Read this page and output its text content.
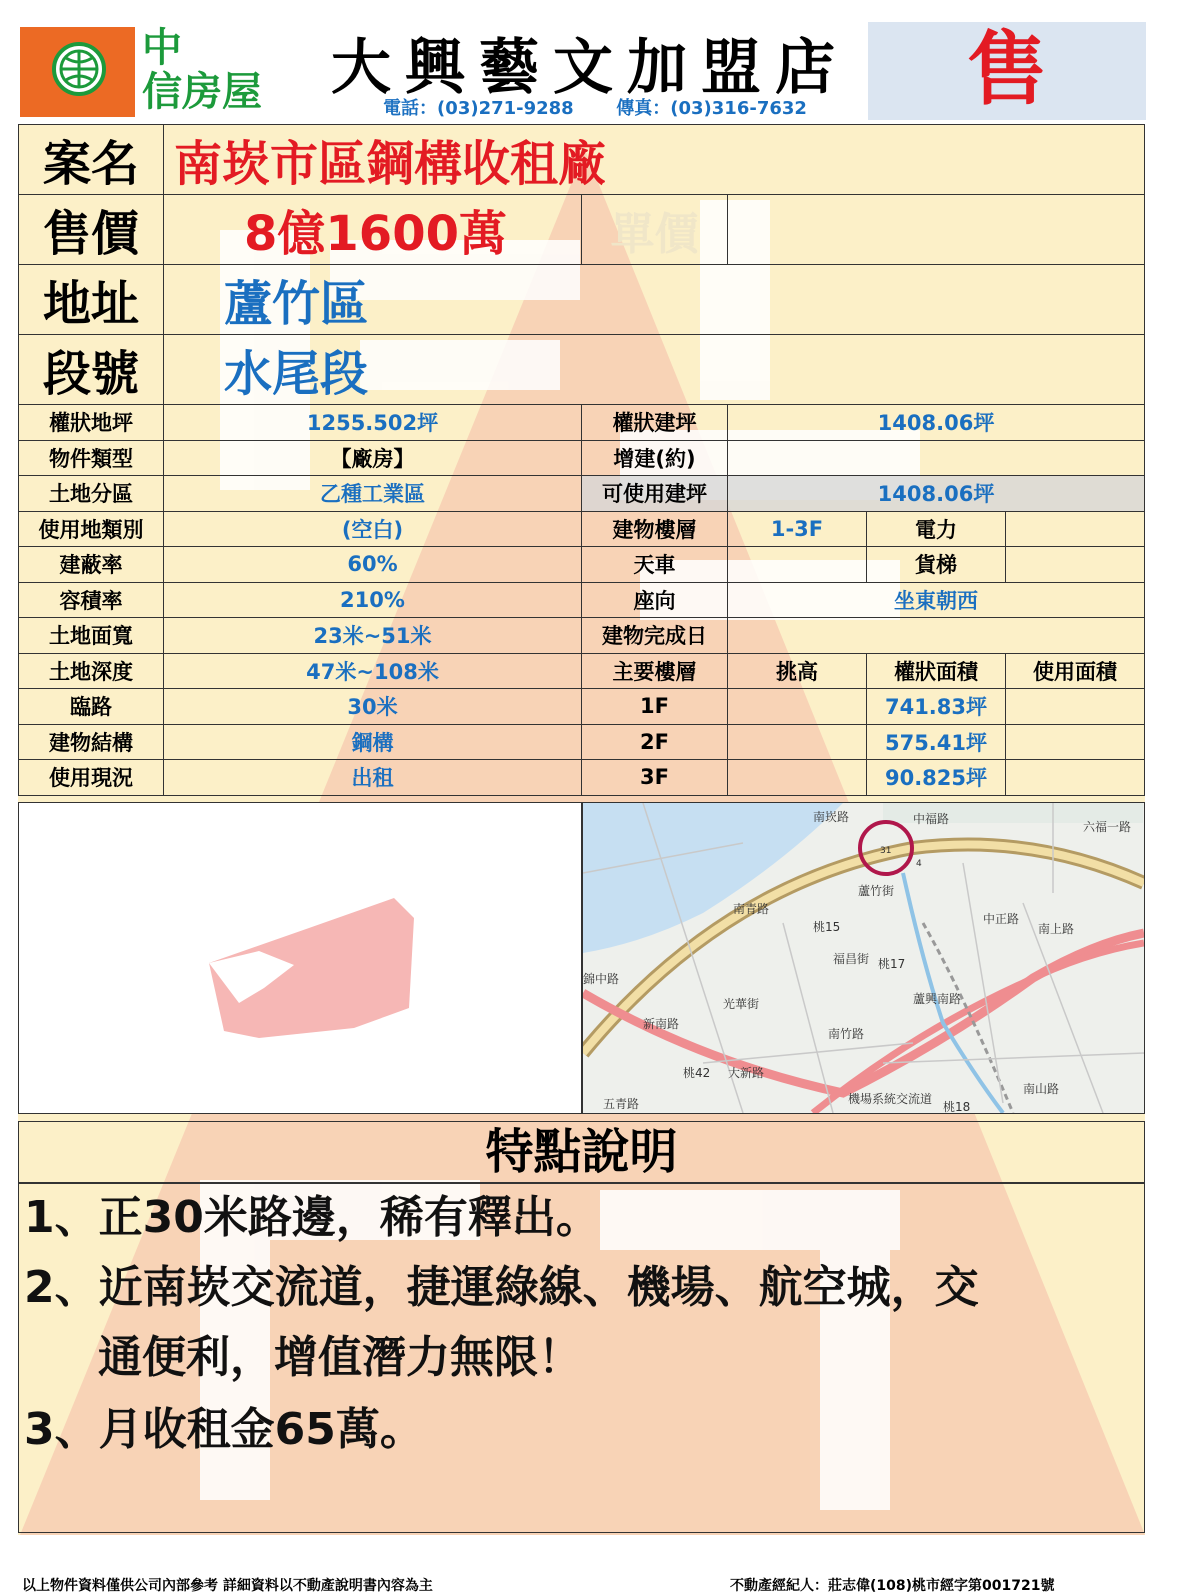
中
信房屋	大興藝文加盟店
電話：(03)271-9288 傳真：(03)316-7632	售
案名	南崁市區鋼構收租廠		
售價	8億1600萬	單價	
地址	蘆竹區		
段號	水尾段		
權狀地坪	1255.502坪	權狀建坪	1408.06坪		
物件類型	【廠房】	增建(約)			
土地分區	乙種工業區	可使用建坪	1408.06坪		
使用地類別	(空白)	建物樓層	1-3F	電力	
建蔽率	60%	天車		貨梯	
容積率	210%	座向	坐東朝西		
土地面寬	23米~51米	建物完成日			
土地深度	47米~108米	主要樓層	挑高	權狀面積	使用面積
臨路	30米	1F		741.83坪	
建物結構	鋼構	2F		575.41坪	
使用現況	出租	3F		90.825坪	
南崁路
南青路
蘆竹街
六福一路
中正路
南上路
桃15
桃17
福昌街
蘆興南路
南竹路
光華街
大新路
桃42
五青路	機場系統交流道
桃18
錦中路
新南路
南山路
中福路
31
4
特點說明
1、正30米路邊，稀有釋出。
2、近南崁交流道，捷運綠線、機場、航空城，交
通便利，增值潛力無限！
3、月收租金65萬。
以上物件資料僅供公司內部參考 詳細資料以不動產說明書內容為主	不動產經紀人：莊志偉(108)桃市經字第001721號
